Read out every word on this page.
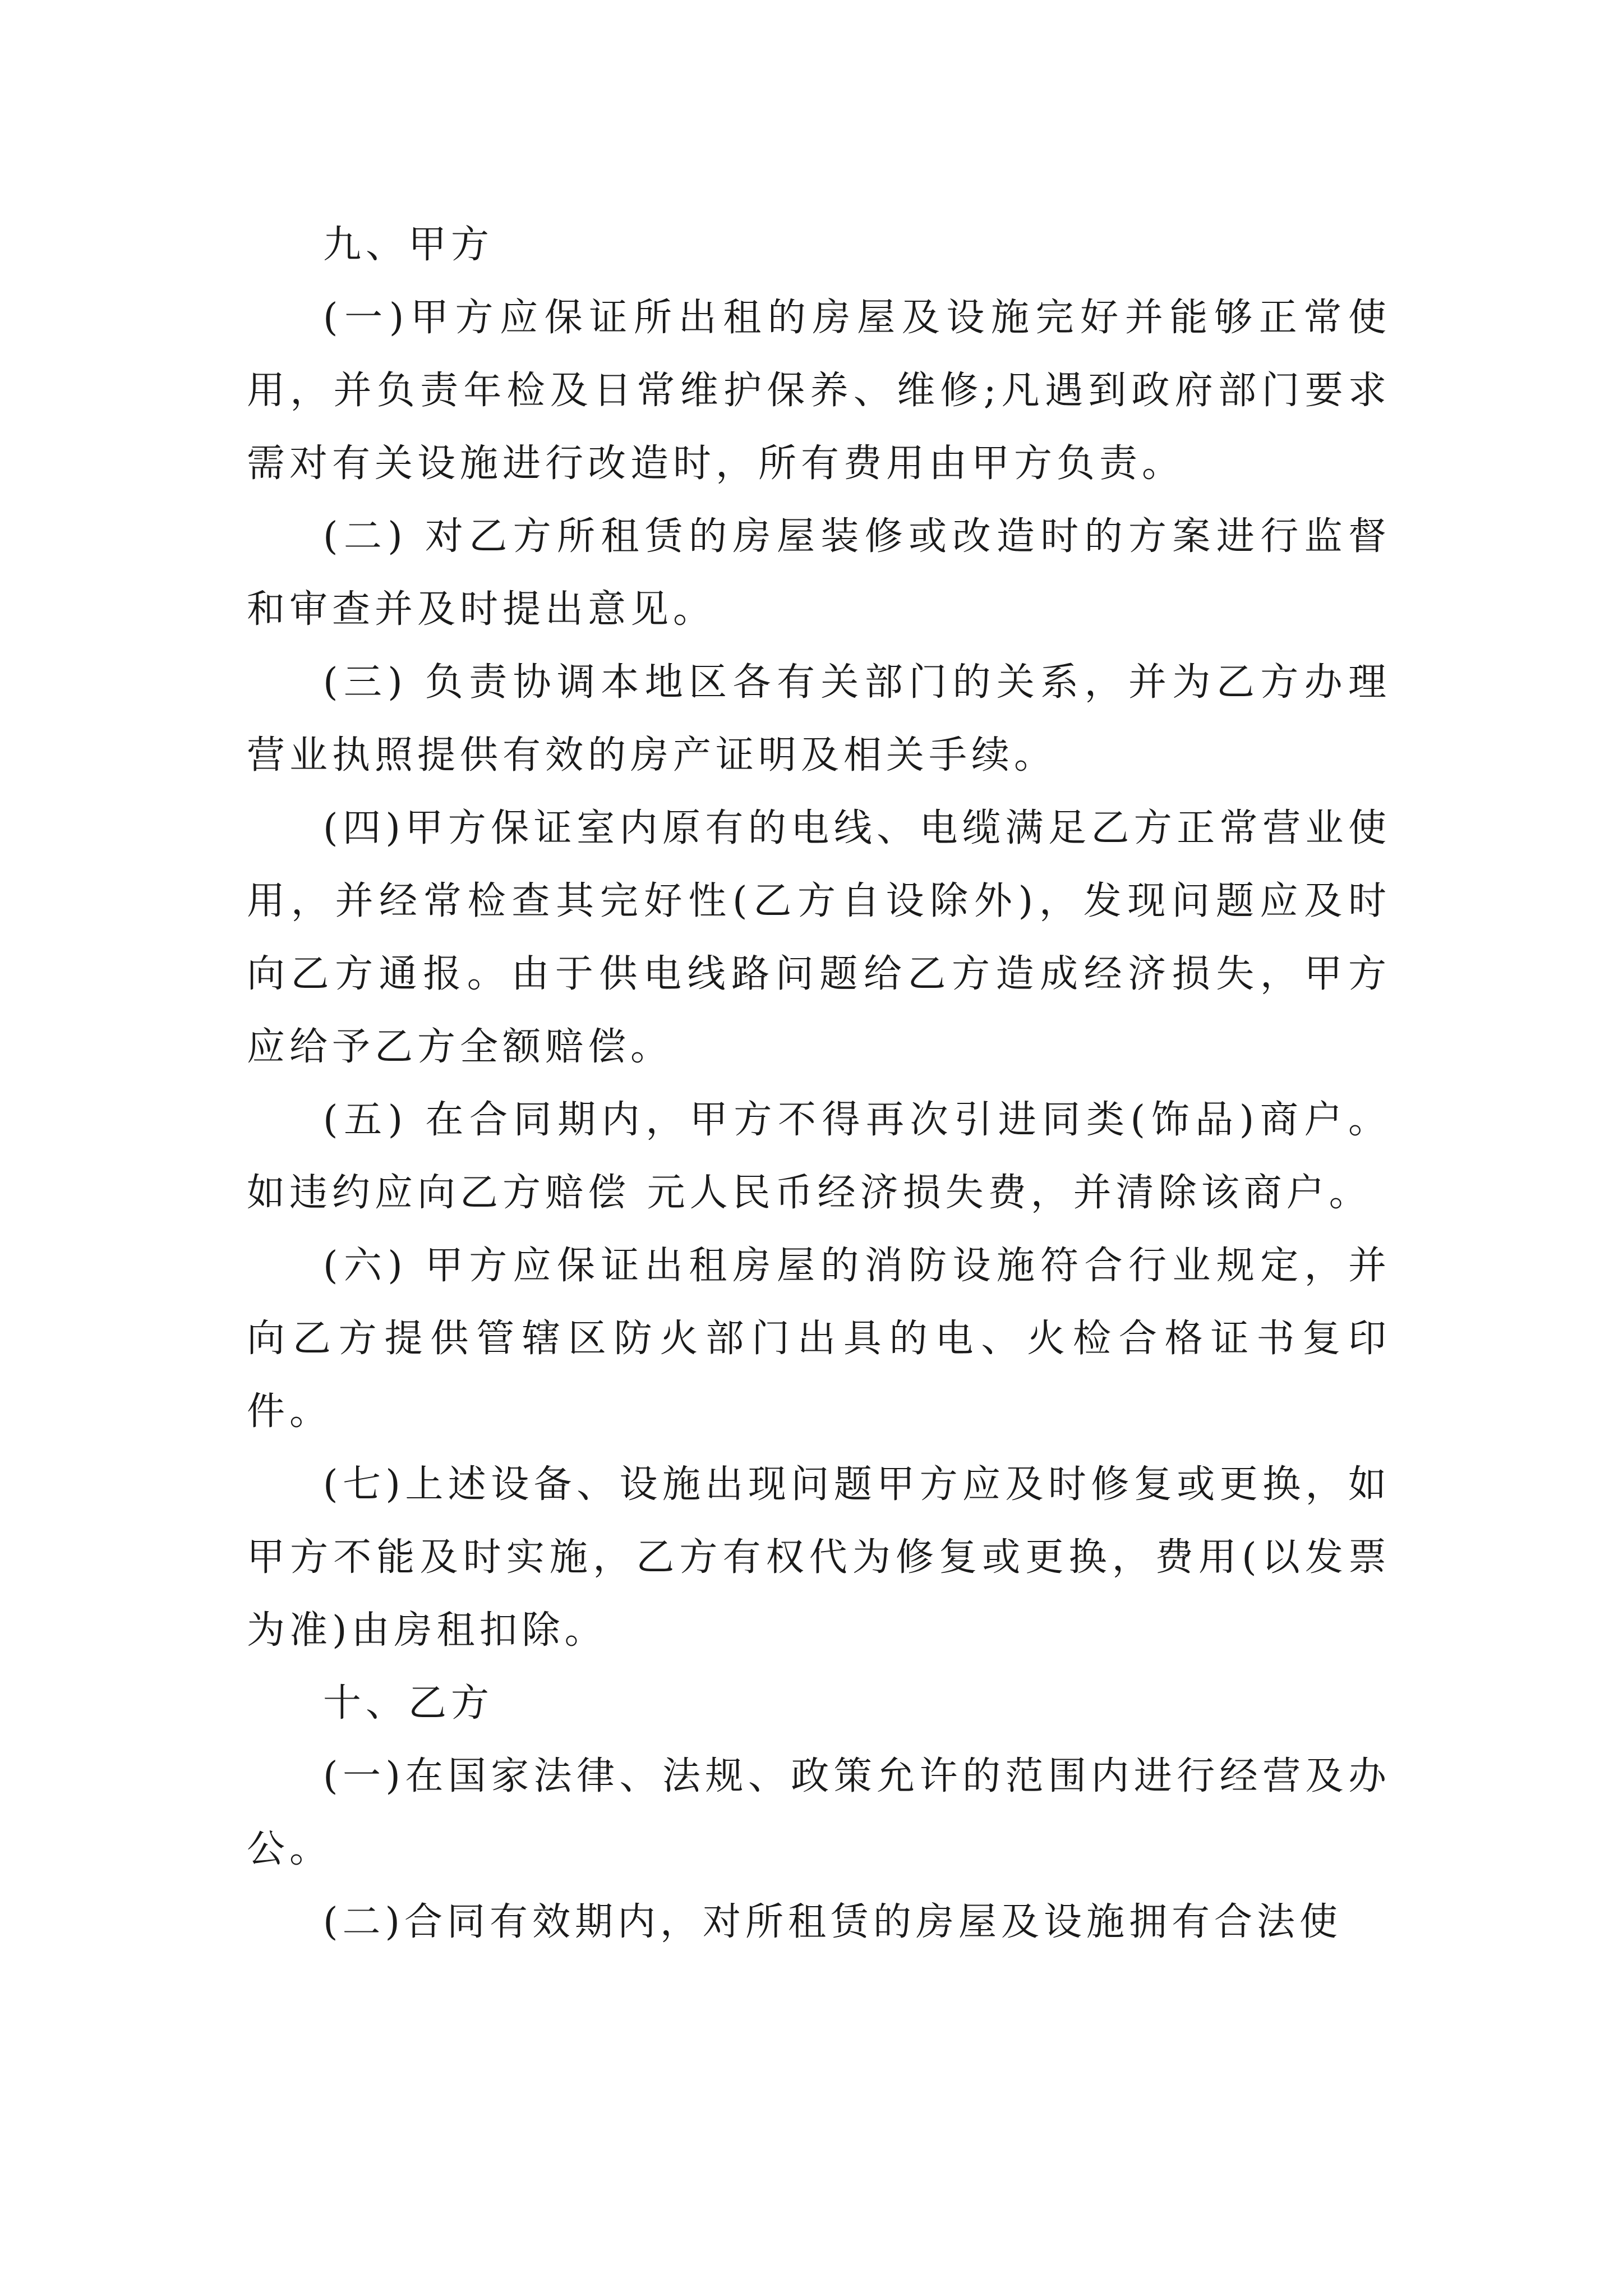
九、甲方

(一)甲方应保证所出租的房屋及设施完好并能够正常使用，并负责年检及日常维护保养、维修;凡遇到政府部门要求需对有关设施进行改造时，所有费用由甲方负责。

(二) 对乙方所租赁的房屋装修或改造时的方案进行监督和审查并及时提出意见。

(三) 负责协调本地区各有关部门的关系，并为乙方办理营业执照提供有效的房产证明及相关手续。

(四)甲方保证室内原有的电线、电缆满足乙方正常营业使用，并经常检查其完好性(乙方自设除外)，发现问题应及时向乙方通报。由于供电线路问题给乙方造成经济损失，甲方应给予乙方全额赔偿。

(五) 在合同期内，甲方不得再次引进同类(饰品)商户。如违约应向乙方赔偿 元人民币经济损失费，并清除该商户。

(六) 甲方应保证出租房屋的消防设施符合行业规定，并向乙方提供管辖区防火部门出具的电、火检合格证书复印件。

(七)上述设备、设施出现问题甲方应及时修复或更换，如甲方不能及时实施，乙方有权代为修复或更换，费用(以发票为准)由房租扣除。

十、乙方

(一)在国家法律、法规、政策允许的范围内进行经营及办公。

(二)合同有效期内，对所租赁的房屋及设施拥有合法使
